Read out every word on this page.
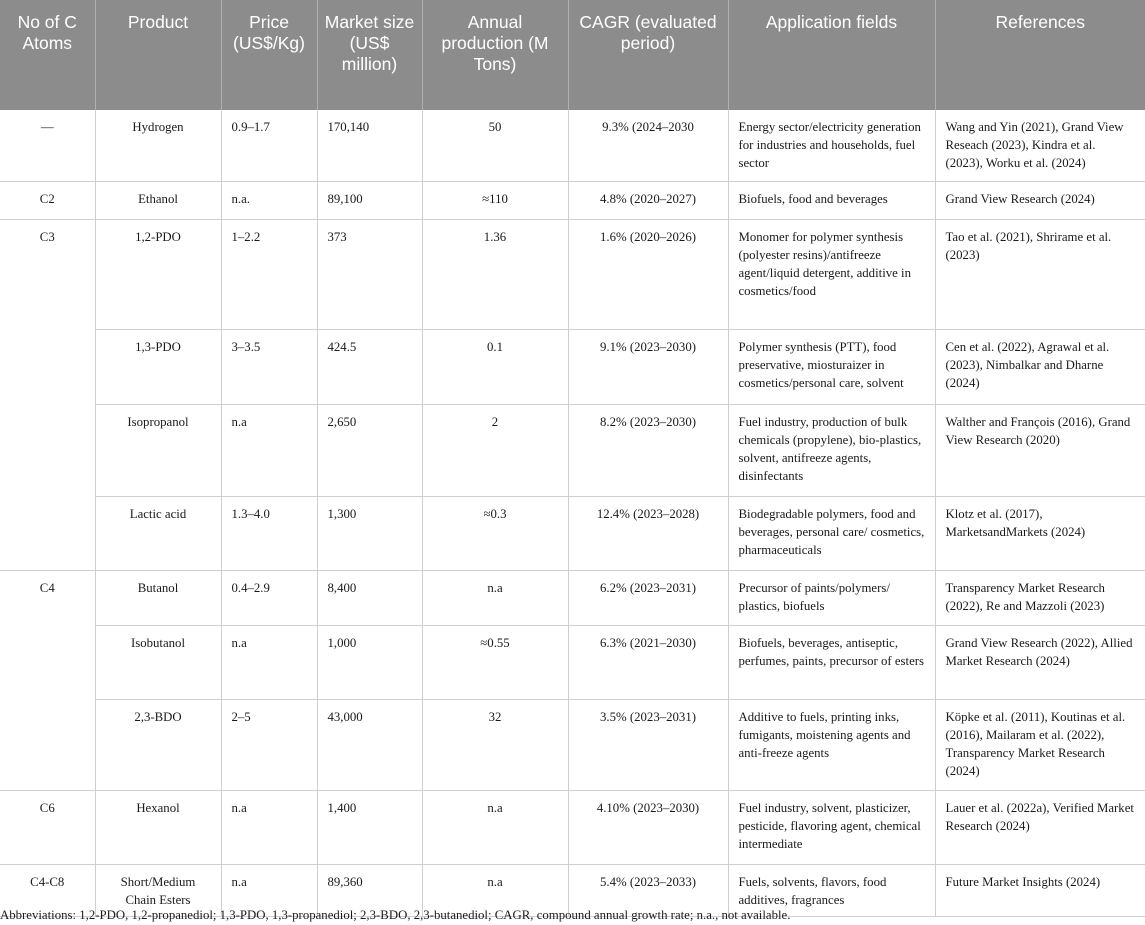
No of C Atoms	Product	Price (US$/Kg)	Market size (US$ million)	Annual production (M Tons)	CAGR (evaluated period)	Application fields	References
—	Hydrogen	0.9–1.7	170,140	50	9.3% (2024–2030	Energy sector/electricity generation for industries and households, fuel sector	Wang and Yin (2021), Grand View Reseach (2023), Kindra et al. (2023), Worku et al. (2024)
C2	Ethanol	n.a.	89,100	≈110	4.8% (2020–2027)	Biofuels, food and beverages	Grand View Research (2024)
C3	1,2-PDO	1–2.2	373	1.36	1.6% (2020–2026)	Monomer for polymer synthesis (polyester resins)/antifreeze agent/liquid detergent, additive in cosmetics/food	Tao et al. (2021), Shrirame et al. (2023)
	1,3-PDO	3–3.5	424.5	0.1	9.1% (2023–2030)	Polymer synthesis (PTT), food preservative, miosturaizer in cosmetics/personal care, solvent	Cen et al. (2022), Agrawal et al. (2023), Nimbalkar and Dharne (2024)
	Isopropanol	n.a	2,650	2	8.2% (2023–2030)	Fuel industry, production of bulk chemicals (propylene), bio-plastics, solvent, antifreeze agents, disinfectants	Walther and François (2016), Grand View Research (2020)
	Lactic acid	1.3–4.0	1,300	≈0.3	12.4% (2023–2028)	Biodegradable polymers, food and beverages, personal care/ cosmetics, pharmaceuticals	Klotz et al. (2017), MarketsandMarkets (2024)
C4	Butanol	0.4–2.9	8,400	n.a	6.2% (2023–2031)	Precursor of paints/polymers/ plastics, biofuels	Transparency Market Research (2022), Re and Mazzoli (2023)
	Isobutanol	n.a	1,000	≈0.55	6.3% (2021–2030)	Biofuels, beverages, antiseptic, perfumes, paints, precursor of esters	Grand View Research (2022), Allied Market Research (2024)
	2,3-BDO	2–5	43,000	32	3.5% (2023–2031)	Additive to fuels, printing inks, fumigants, moistening agents and anti-freeze agents	Köpke et al. (2011), Koutinas et al. (2016), Mailaram et al. (2022), Transparency Market Research (2024)
C6	Hexanol	n.a	1,400	n.a	4.10% (2023–2030)	Fuel industry, solvent, plasticizer, pesticide, flavoring agent, chemical intermediate	Lauer et al. (2022a), Verified Market Research (2024)
C4-C8	Short/Medium Chain Esters	n.a	89,360	n.a	5.4% (2023–2033)	Fuels, solvents, flavors, food additives, fragrances	Future Market Insights (2024)
Abbreviations: 1,2-PDO, 1,2-propanediol; 1,3-PDO, 1,3-propanediol; 2,3-BDO, 2,3-butanediol; CAGR, compound annual growth rate; n.a., not available.
